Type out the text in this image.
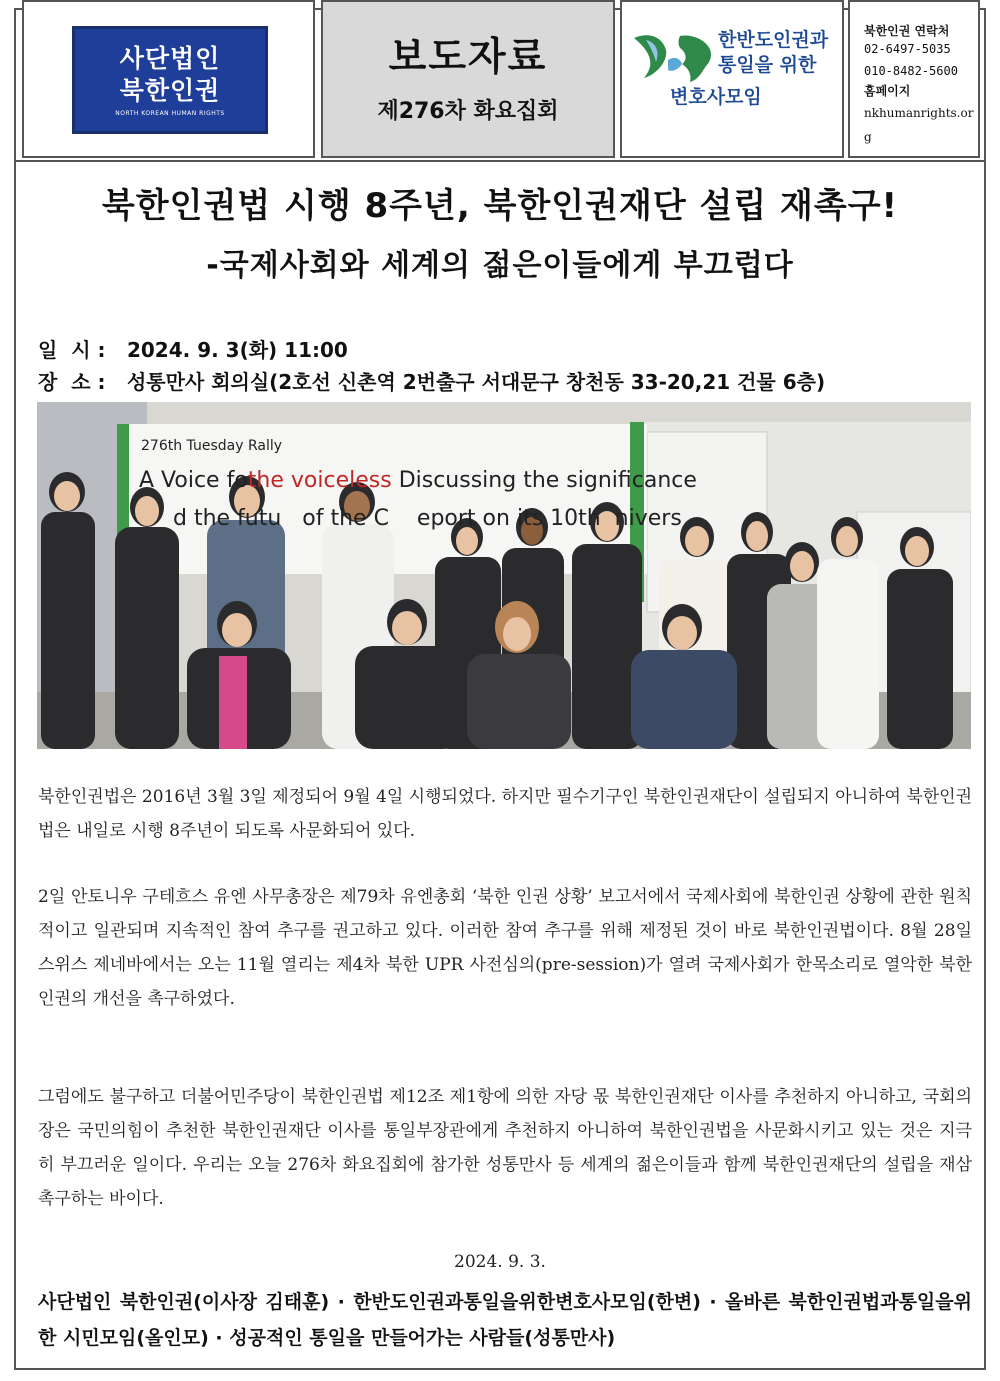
사단법인
북한인권
NORTH KOREAN HUMAN RIGHTS
보도자료
제276차 화요집회
한반도인권과
통일을 위한
변호사모임
북한인권 연락처
02-6497-5035
010-8482-5600
홈페이지
nkhumanrights.org
북한인권법 시행 8주년, 북한인권재단 설립 재촉구!
-국제사회와 세계의 젊은이들에게 부끄럽다
일  시 : 2024. 9. 3(화) 11:00
장  소 : 성통만사 회의실(2호선 신촌역 2번출구 서대문구 창천동 33-20,21 건물 6층)
276th Tuesday Rally
A Voice fothe voiceless Discussing the significance
d the futu   of the C    eport on its 10th  nivers

북한인권법은 2016년 3월 3일 제정되어 9월 4일 시행되었다. 하지만 필수기구인 북한인권재단이 설립되지 아니하여 북한인권법은 내일로 시행 8주년이 되도록 사문화되어 있다.

2일 안토니우 구테흐스 유엔 사무총장은 제79차 유엔총회 ‘북한 인권 상황’ 보고서에서 국제사회에 북한인권 상황에 관한 원칙적이고 일관되며 지속적인 참여 추구를 권고하고 있다. 이러한 참여 추구를 위해 제정된 것이 바로 북한인권법이다. 8월 28일 스위스 제네바에서는 오는 11월 열리는 제4차 북한 UPR 사전심의(pre-session)가 열려 국제사회가 한목소리로 열악한 북한인권의 개선을 촉구하였다.

그럼에도 불구하고 더불어민주당이 북한인권법 제12조 제1항에 의한 자당 몫 북한인권재단 이사를 추천하지 아니하고, 국회의장은 국민의힘이 추천한 북한인권재단 이사를 통일부장관에게 추천하지 아니하여 북한인권법을 사문화시키고 있는 것은 지극히 부끄러운 일이다. 우리는 오늘 276차 화요집회에 참가한 성통만사 등 세계의 젊은이들과 함께 북한인권재단의 설립을 재삼 촉구하는 바이다.

2024. 9. 3.
사단법인 북한인권(이사장 김태훈) · 한반도인권과통일을위한변호사모임(한변) · 올바른 북한인권법과통일을위한 시민모임(올인모) · 성공적인 통일을 만들어가는 사람들(성통만사)
